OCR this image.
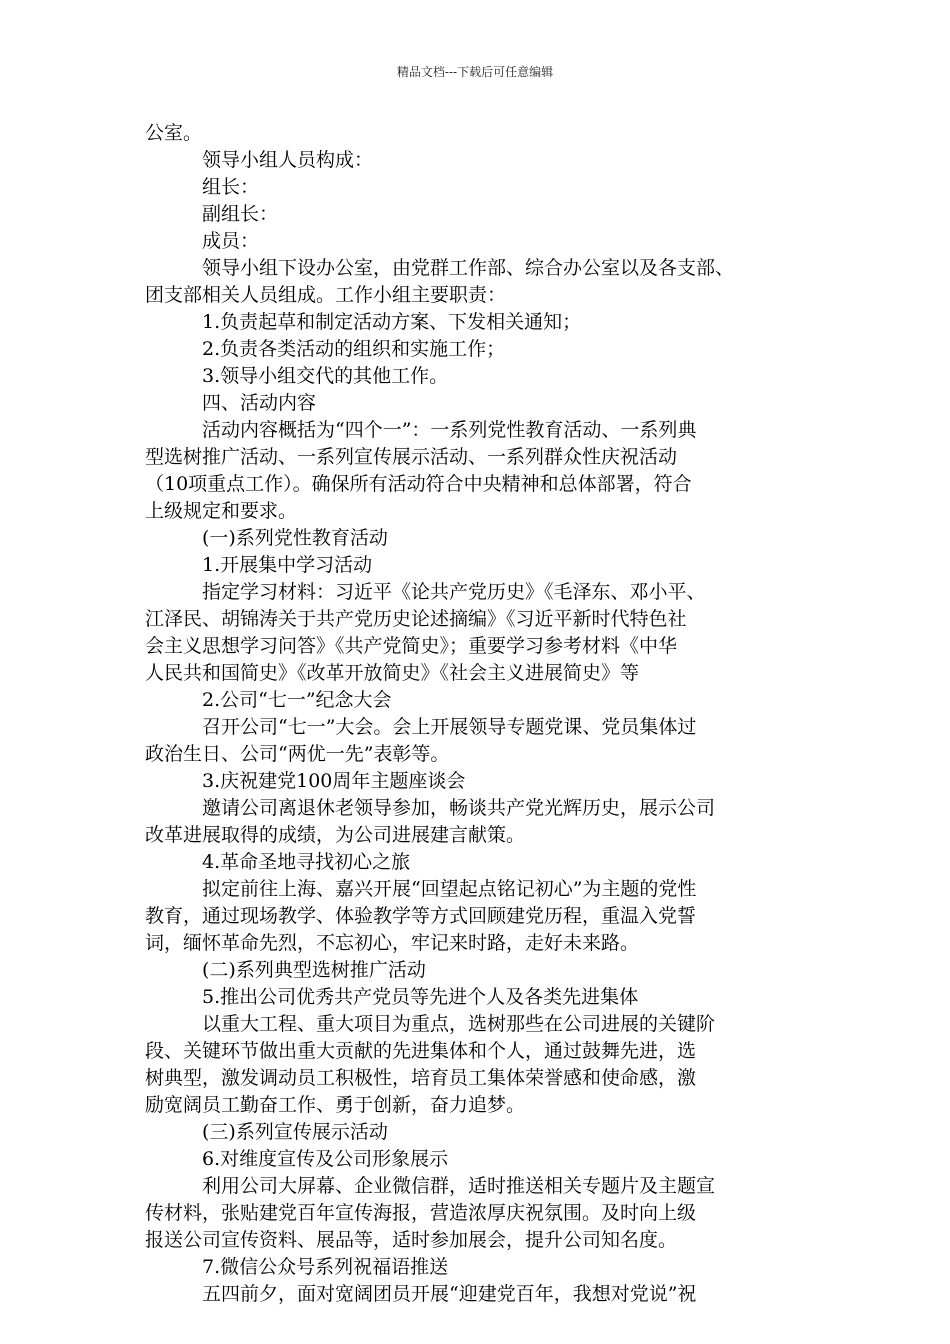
精品文档---下载后可任意编辑
公室。
领导小组人员构成：
组长：
副组长：
成员：
领导小组下设办公室，由党群工作部、综合办公室以及各支部、
团支部相关人员组成。工作小组主要职责：
1.负责起草和制定活动方案、下发相关通知；
2.负责各类活动的组织和实施工作；
3.领导小组交代的其他工作。
四、活动内容
活动内容概括为“四个一”：一系列党性教育活动、一系列典
型选树推广活动、一系列宣传展示活动、一系列群众性庆祝活动
（10项重点工作）。确保所有活动符合中央精神和总体部署，符合
上级规定和要求。
(一)系列党性教育活动
1.开展集中学习活动
指定学习材料：习近平《论共产党历史》《毛泽东、邓小平、
江泽民、胡锦涛关于共产党历史论述摘编》《习近平新时代特色社
会主义思想学习问答》《共产党简史》；重要学习参考材料《中华
人民共和国简史》《改革开放简史》《社会主义进展简史》等
2.公司“七一”纪念大会
召开公司“七一”大会。会上开展领导专题党课、党员集体过
政治生日、公司“两优一先”表彰等。
3.庆祝建党100周年主题座谈会
邀请公司离退休老领导参加，畅谈共产党光辉历史，展示公司
改革进展取得的成绩，为公司进展建言献策。
4.革命圣地寻找初心之旅
拟定前往上海、嘉兴开展“回望起点铭记初心”为主题的党性
教育，通过现场教学、体验教学等方式回顾建党历程，重温入党誓
词，缅怀革命先烈，不忘初心，牢记来时路，走好未来路。
(二)系列典型选树推广活动
5.推出公司优秀共产党员等先进个人及各类先进集体
以重大工程、重大项目为重点，选树那些在公司进展的关键阶
段、关键环节做出重大贡献的先进集体和个人，通过鼓舞先进，选
树典型，激发调动员工积极性，培育员工集体荣誉感和使命感，激
励宽阔员工勤奋工作、勇于创新，奋力追梦。
(三)系列宣传展示活动
6.对维度宣传及公司形象展示
利用公司大屏幕、企业微信群，适时推送相关专题片及主题宣
传材料，张贴建党百年宣传海报，营造浓厚庆祝氛围。及时向上级
报送公司宣传资料、展品等，适时参加展会，提升公司知名度。
7.微信公众号系列祝福语推送
五四前夕，面对宽阔团员开展“迎建党百年，我想对党说”祝
